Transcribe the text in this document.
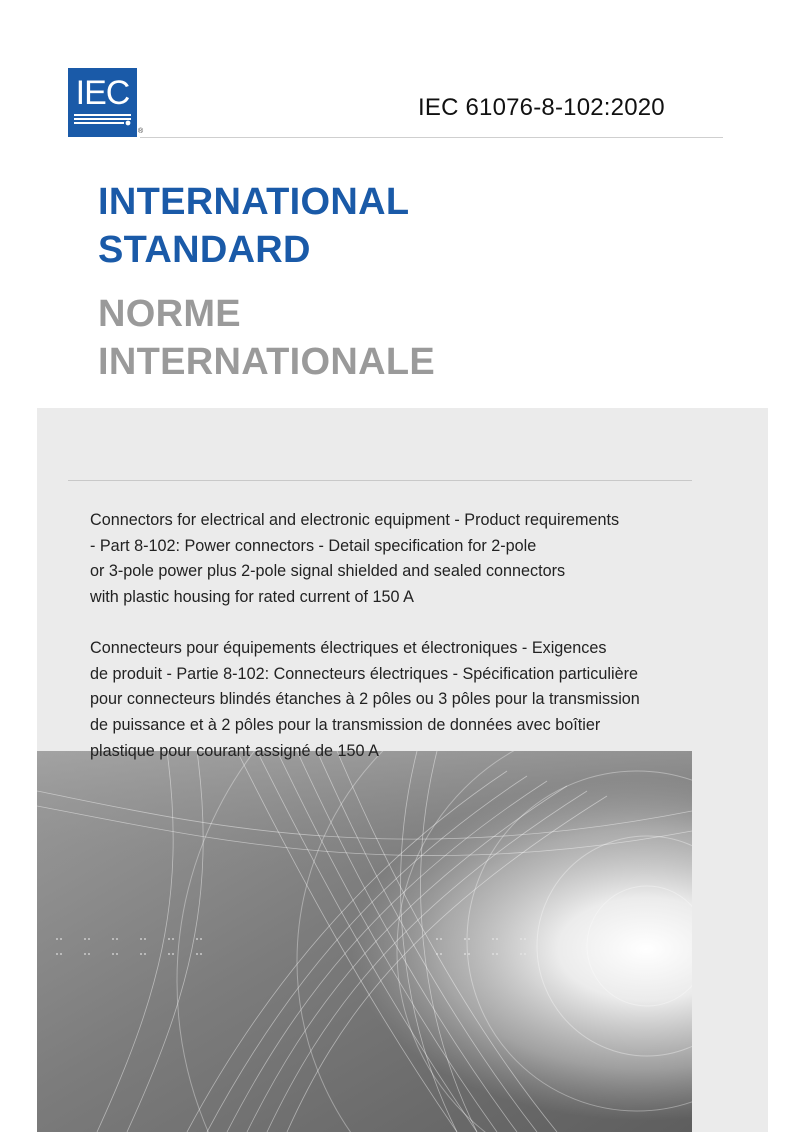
IEC
®
IEC 61076-8-102:2020
INTERNATIONAL
STANDARD
NORME
INTERNATIONALE
Connectors for electrical and electronic equipment - Product requirements
- Part 8-102: Power connectors - Detail specification for 2-pole
or 3-pole power plus 2-pole signal shielded and sealed connectors
with plastic housing for rated current of 150 A
Connecteurs pour équipements électriques et électroniques - Exigences
de produit - Partie 8-102: Connecteurs électriques - Spécification particulière
pour connecteurs blindés étanches à 2 pôles ou 3 pôles pour la transmission
de puissance et à 2 pôles pour la transmission de données avec boîtier
plastique pour courant assigné de 150 A
